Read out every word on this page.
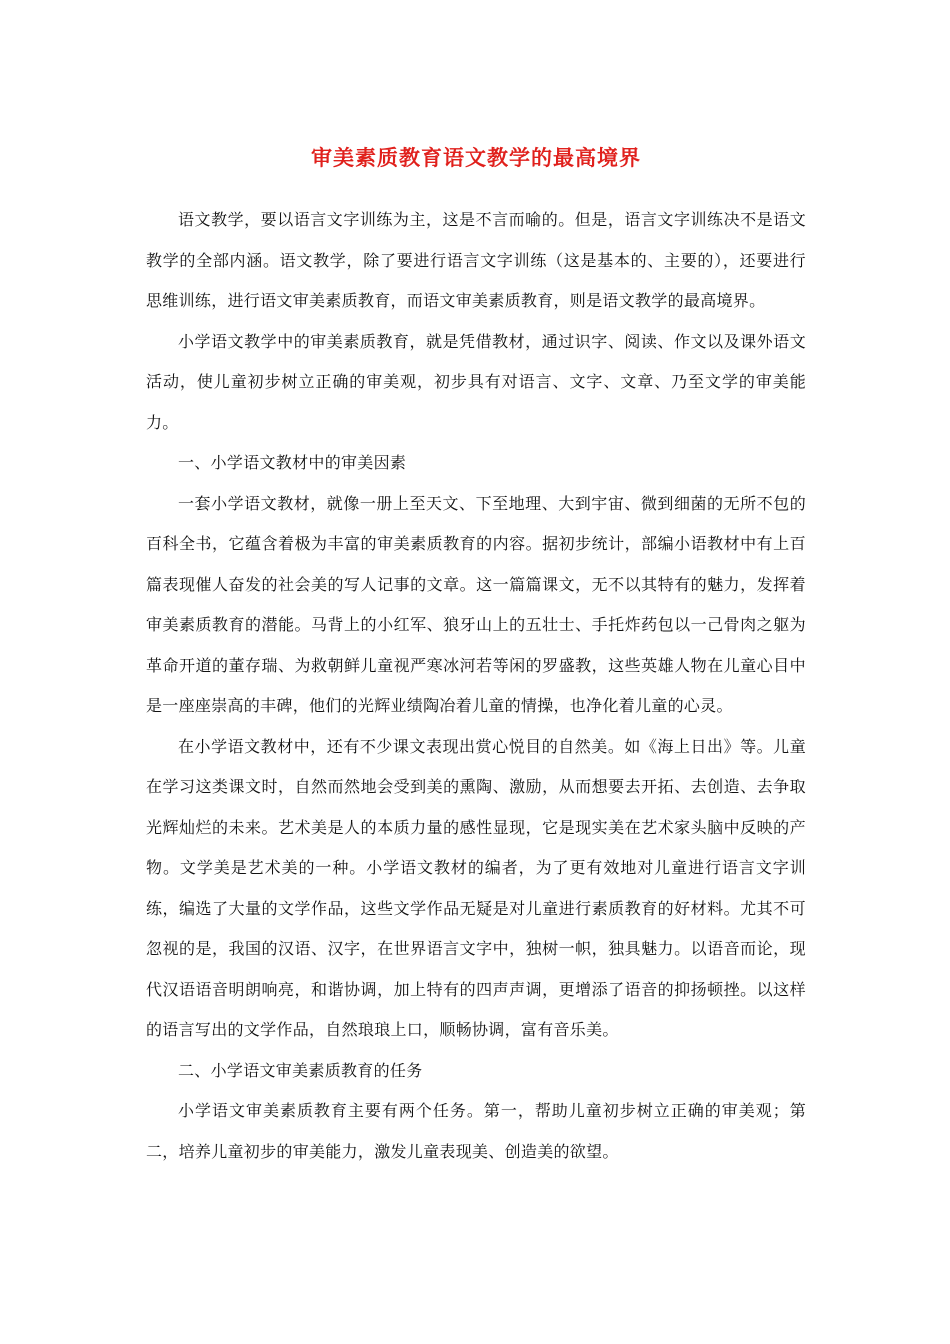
审美素质教育语文教学的最高境界

语文教学，要以语言文字训练为主，这是不言而喻的。但是，语言文字训练决不是语文教学的全部内涵。语文教学，除了要进行语言文字训练（这是基本的、主要的），还要进行思维训练，进行语文审美素质教育，而语文审美素质教育，则是语文教学的最高境界。

小学语文教学中的审美素质教育，就是凭借教材，通过识字、阅读、作文以及课外语文活动，使儿童初步树立正确的审美观，初步具有对语言、文字、文章、乃至文学的审美能力。

一、小学语文教材中的审美因素

一套小学语文教材，就像一册上至天文、下至地理、大到宇宙、微到细菌的无所不包的百科全书，它蕴含着极为丰富的审美素质教育的内容。据初步统计，部编小语教材中有上百篇表现催人奋发的社会美的写人记事的文章。这一篇篇课文，无不以其特有的魅力，发挥着审美素质教育的潜能。马背上的小红军、狼牙山上的五壮士、手托炸药包以一己骨肉之躯为革命开道的董存瑞、为救朝鲜儿童视严寒冰河若等闲的罗盛教，这些英雄人物在儿童心目中是一座座崇高的丰碑，他们的光辉业绩陶冶着儿童的情操，也净化着儿童的心灵。

在小学语文教材中，还有不少课文表现出赏心悦目的自然美。如《海上日出》等。儿童在学习这类课文时，自然而然地会受到美的熏陶、激励，从而想要去开拓、去创造、去争取光辉灿烂的未来。艺术美是人的本质力量的感性显现，它是现实美在艺术家头脑中反映的产物。文学美是艺术美的一种。小学语文教材的编者，为了更有效地对儿童进行语言文字训练，编选了大量的文学作品，这些文学作品无疑是对儿童进行素质教育的好材料。尤其不可忽视的是，我国的汉语、汉字，在世界语言文字中，独树一帜，独具魅力。以语音而论，现代汉语语音明朗响亮，和谐协调，加上特有的四声声调，更增添了语音的抑扬顿挫。以这样的语言写出的文学作品，自然琅琅上口，顺畅协调，富有音乐美。

二、小学语文审美素质教育的任务

小学语文审美素质教育主要有两个任务。第一，帮助儿童初步树立正确的审美观；第二，培养儿童初步的审美能力，激发儿童表现美、创造美的欲望。
